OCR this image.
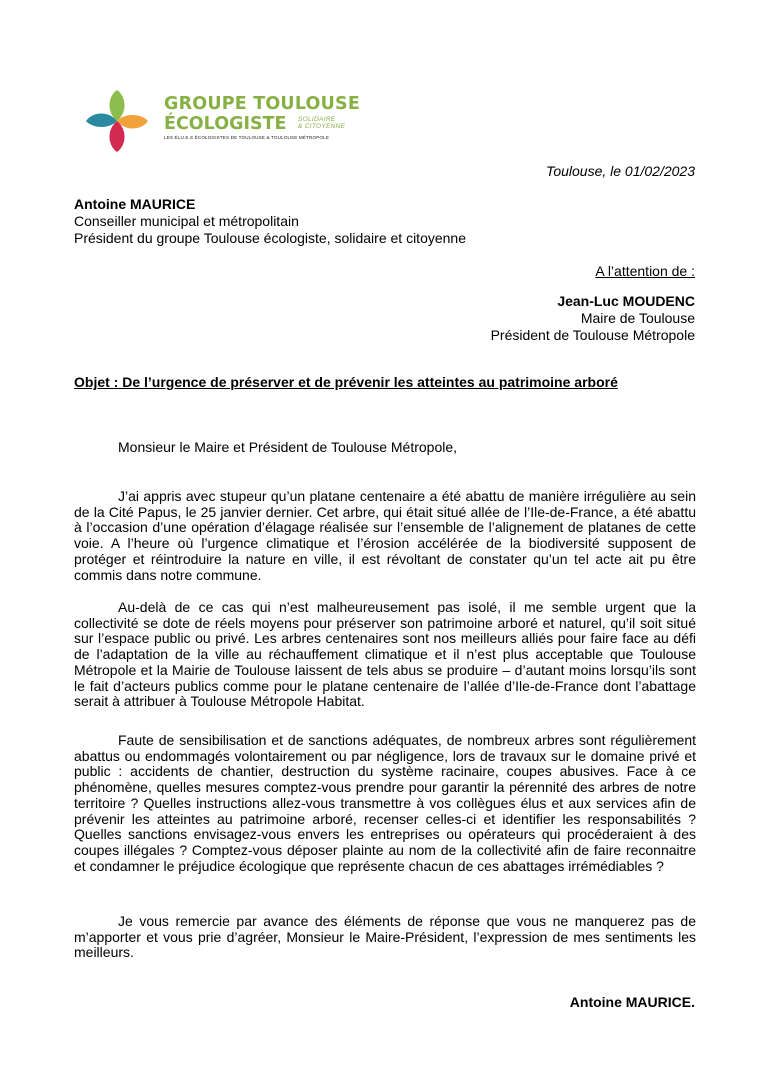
GROUPE TOULOUSE
ÉCOLOGISTE SOLIDAIRE
& CITOYENNE
LES ÉLU.E.S ÉCOLOGISTES DE TOULOUSE & TOULOUSE MÉTROPOLE
Toulouse, le 01/02/2023
Antoine MAURICE
Conseiller municipal et métropolitain
Président du groupe Toulouse écologiste, solidaire et citoyenne
A l’attention de :
Jean-Luc MOUDENC
Maire de Toulouse
Président de Toulouse Métropole
Objet : De l’urgence de préserver et de prévenir les atteintes au patrimoine arboré
Monsieur le Maire et Président de Toulouse Métropole,

J’ai appris avec stupeur qu’un platane centenaire a été abattu de manière irrégulière au sein de la Cité Papus, le 25 janvier dernier. Cet arbre, qui était situé allée de l’Ile-de-France, a été abattu à l’occasion d’une opération d’élagage réalisée sur l’ensemble de l’alignement de platanes de cette voie. A l’heure où l’urgence climatique et l’érosion accélérée de la biodiversité supposent de protéger et réintroduire la nature en ville, il est révoltant de constater qu’un tel acte ait pu être commis dans notre commune.

Au-delà de ce cas qui n’est malheureusement pas isolé, il me semble urgent que la collectivité se dote de réels moyens pour préserver son patrimoine arboré et naturel, qu’il soit situé sur l’espace public ou privé. Les arbres centenaires sont nos meilleurs alliés pour faire face au défi de l’adaptation de la ville au réchauffement climatique et il n’est plus acceptable que Toulouse Métropole et la Mairie de Toulouse laissent de tels abus se produire – d’autant moins lorsqu’ils sont le fait d’acteurs publics comme pour le platane centenaire de l’allée d’Ile-de-France dont l’abattage serait à attribuer à Toulouse Métropole Habitat.

Faute de sensibilisation et de sanctions adéquates, de nombreux arbres sont régulièrement abattus ou endommagés volontairement ou par négligence, lors de travaux sur le domaine privé et public : accidents de chantier, destruction du système racinaire, coupes abusives. Face à ce phénomène, quelles mesures comptez-vous prendre pour garantir la pérennité des arbres de notre territoire ? Quelles instructions allez-vous transmettre à vos collègues élus et aux services afin de prévenir les atteintes au patrimoine arboré, recenser celles-ci et identifier les responsabilités ? Quelles sanctions envisagez-vous envers les entreprises ou opérateurs qui procéderaient à des coupes illégales ? Comptez-vous déposer plainte au nom de la collectivité afin de faire reconnaitre et condamner le préjudice écologique que représente chacun de ces abattages irrémédiables ?

Je vous remercie par avance des éléments de réponse que vous ne manquerez pas de m’apporter et vous prie d’agréer, Monsieur le Maire-Président, l’expression de mes sentiments les meilleurs.

Antoine MAURICE.
